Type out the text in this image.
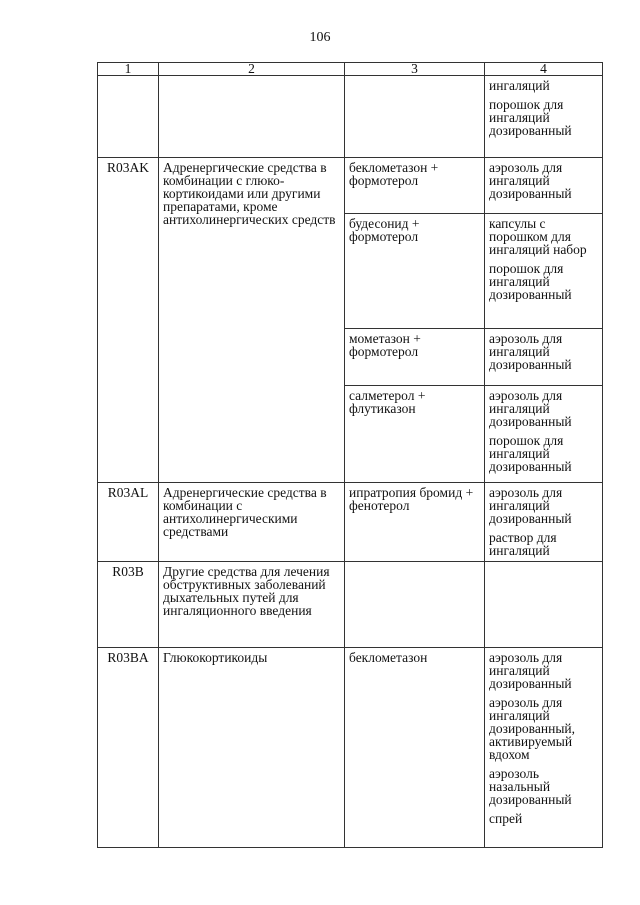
106
1	2	3	4

			ингаляций
порошок для ингаляций дозированный

R03AK	Адренергические средства в комбинации с глюко-кортикоидами или другими препаратами, кроме антихолинергических средств	беклометазон + формотерол	аэрозоль для ингаляций дозированный

		будесонид + формотерол	капсулы с порошком для ингаляций набор
порошок для ингаляций дозированный

		мометазон + формотерол	аэрозоль для ингаляций дозированный

		салметерол + флутиказон	аэрозоль для ингаляций дозированный
порошок для ингаляций дозированный

R03AL	Адренергические средства в комбинации с антихолинергическими средствами	ипратропия бромид + фенотерол	аэрозоль для ингаляций дозированный
раствор для ингаляций

R03B	Другие средства для лечения обструктивных заболеваний дыхательных путей для ингаляционного введения		
R03BA	Глюкокортикоиды	беклометазон	аэрозоль для ингаляций дозированный
аэрозоль для ингаляций дозированный, активируемый вдохом
аэрозоль назальный дозированный
спрей
